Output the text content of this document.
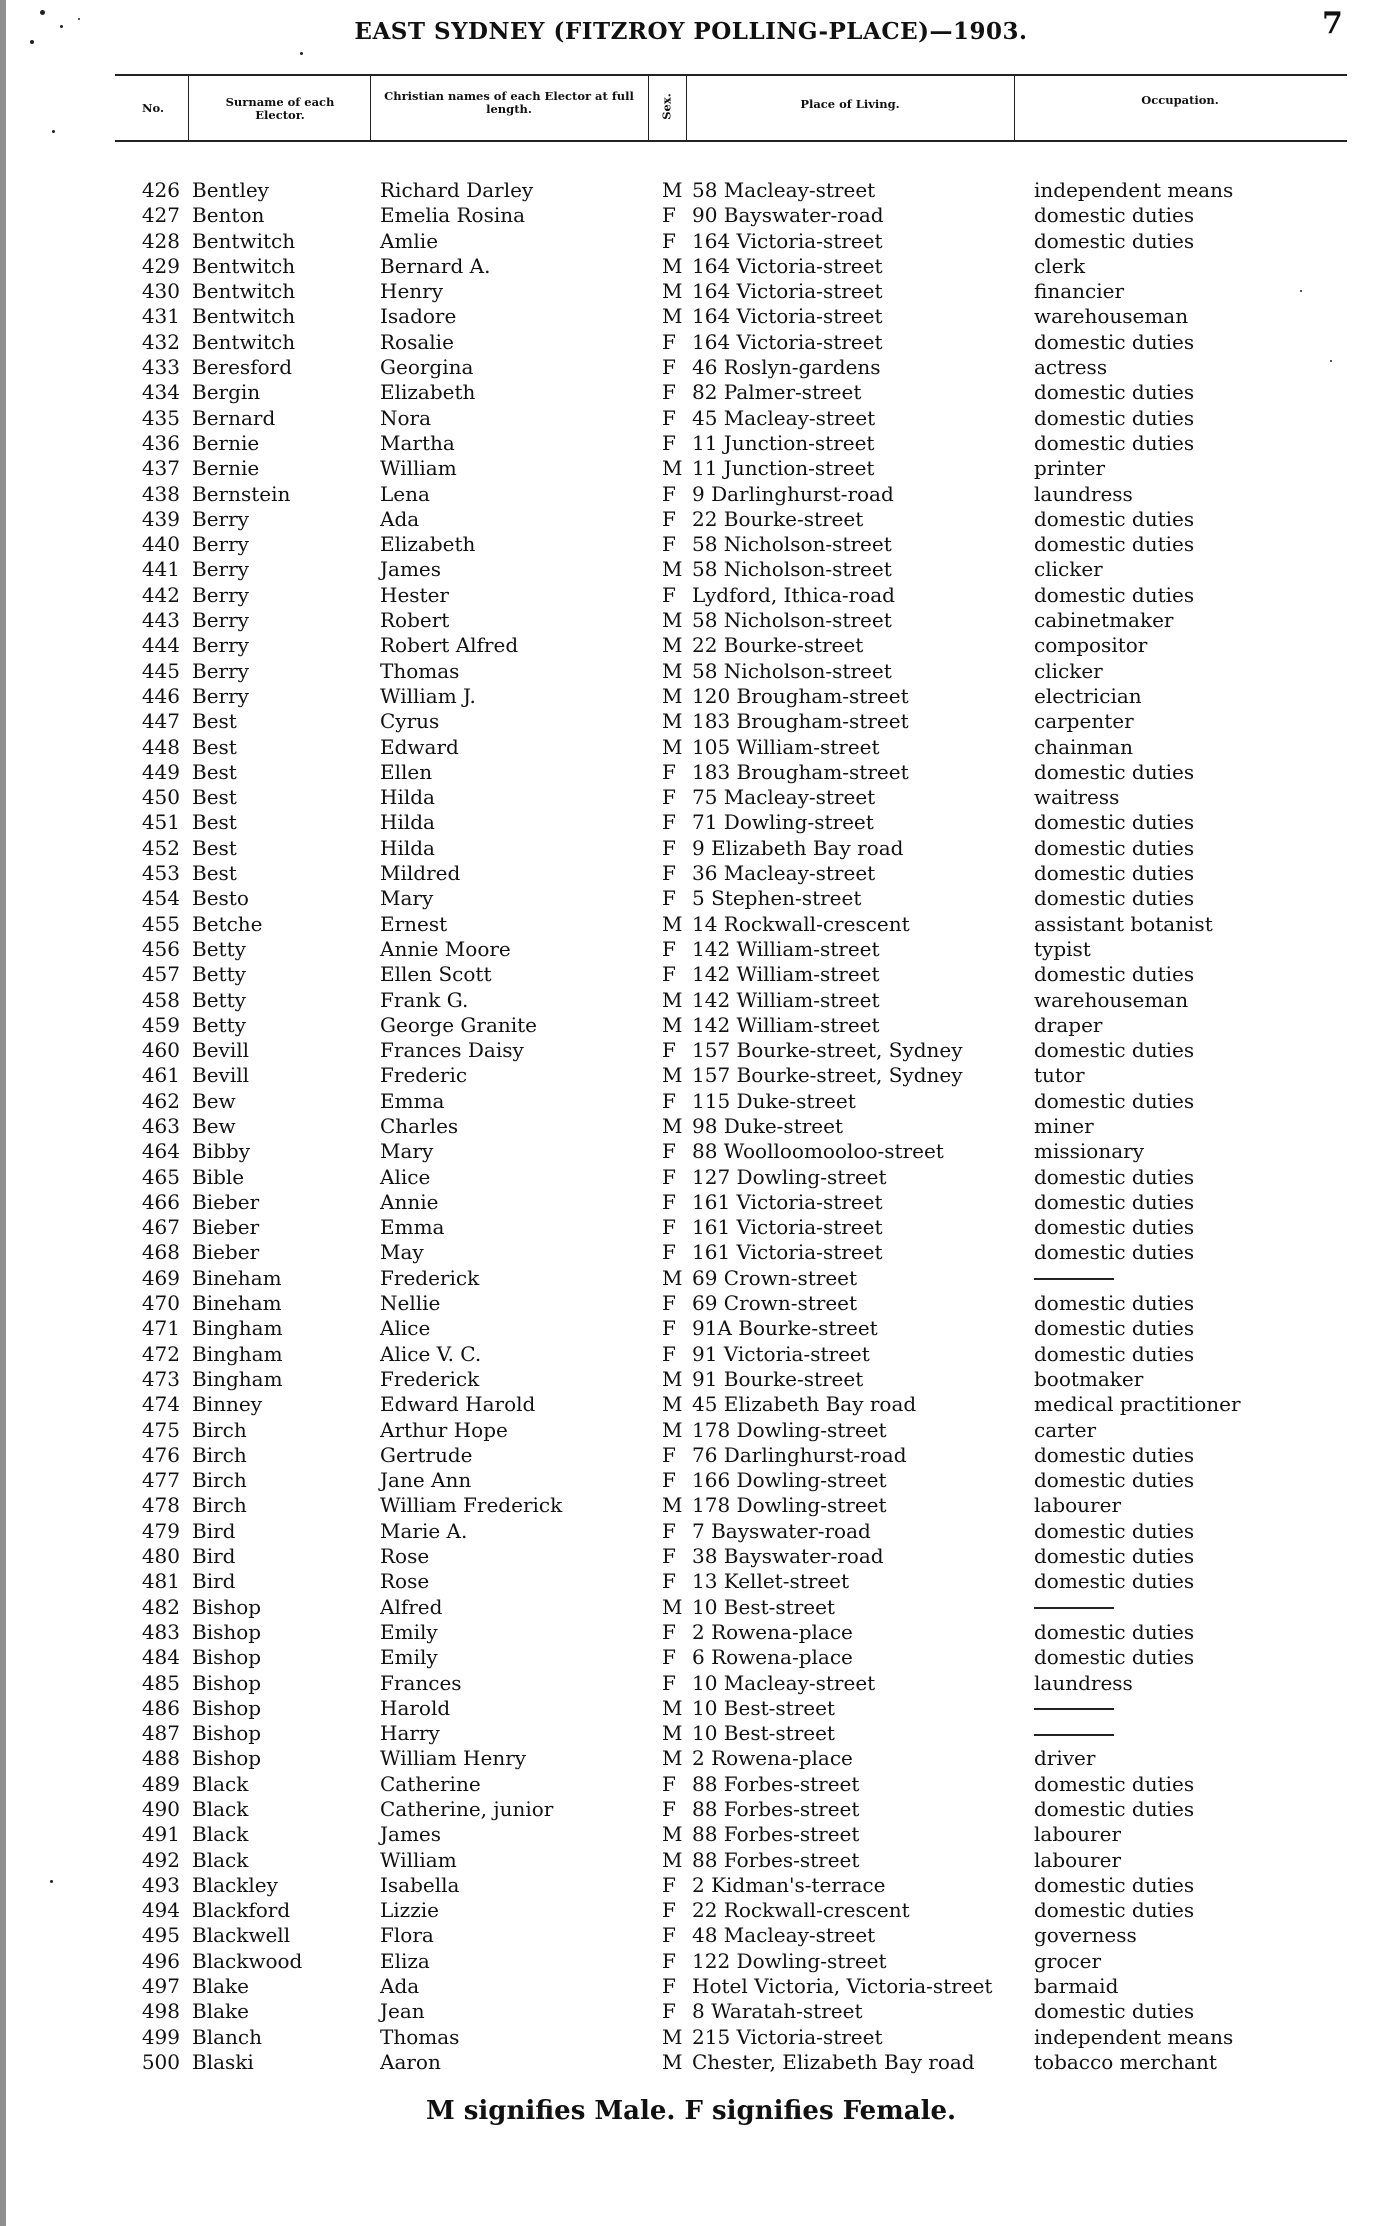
EAST SYDNEY (FITZROY POLLING-PLACE)—1903.	7
No.	Surname of each Elector.
Christian names of each Elector at full length.	Sex.	Place of Living.	Occupation.
426 Bentley	Richard Darley	M 58 Macleay-street	independent means
427 Benton	Emelia Rosina	F 90 Bayswater-road	domestic duties
428 Bentwitch	Amlie	F 164 Victoria-street	domestic duties
429 Bentwitch	Bernard A.	M 164 Victoria-street	clerk
430 Bentwitch	Henry	M 164 Victoria-street	financier
431 Bentwitch	Isadore	M 164 Victoria-street	warehouseman
432 Bentwitch	Rosalie	F 164 Victoria-street	domestic duties
433 Beresford	Georgina	F 46 Roslyn-gardens	actress
434 Bergin	Elizabeth	F 82 Palmer-street	domestic duties
435 Bernard	Nora	F 45 Macleay-street	domestic duties
436 Bernie	Martha	F 11 Junction-street	domestic duties
437 Bernie	William	M 11 Junction-street	printer
438 Bernstein	Lena	F 9 Darlinghurst-road	laundress
439 Berry	Ada	F 22 Bourke-street	domestic duties
440 Berry	Elizabeth	F 58 Nicholson-street	domestic duties
441 Berry	James	M 58 Nicholson-street	clicker
442 Berry	Hester	F Lydford, Ithica-road	domestic duties
443 Berry	Robert	M 58 Nicholson-street	cabinetmaker
444 Berry	Robert Alfred	M 22 Bourke-street	compositor
445 Berry	Thomas	M 58 Nicholson-street	clicker
446 Berry	William J.	M 120 Brougham-street	electrician
447 Best	Cyrus	M 183 Brougham-street	carpenter
448 Best	Edward	M 105 William-street	chainman
449 Best	Ellen	F 183 Brougham-street	domestic duties
450 Best	Hilda	F 75 Macleay-street	waitress
451 Best	Hilda	F 71 Dowling-street	domestic duties
452 Best	Hilda	F 9 Elizabeth Bay road	domestic duties
453 Best	Mildred	F 36 Macleay-street	domestic duties
454 Besto	Mary	F 5 Stephen-street	domestic duties
455 Betche	Ernest	M 14 Rockwall-crescent	assistant botanist
456 Betty	Annie Moore	F 142 William-street	typist
457 Betty	Ellen Scott	F 142 William-street	domestic duties
458 Betty	Frank G.	M 142 William-street	warehouseman
459 Betty	George Granite	M 142 William-street	draper
460 Bevill	Frances Daisy	F 157 Bourke-street, Sydney	domestic duties
461 Bevill	Frederic	M 157 Bourke-street, Sydney	tutor
462 Bew	Emma	F 115 Duke-street	domestic duties
463 Bew	Charles	M 98 Duke-street	miner
464 Bibby	Mary	F 88 Woolloomooloo-street	missionary
465 Bible	Alice	F 127 Dowling-street	domestic duties
466 Bieber	Annie	F 161 Victoria-street	domestic duties
467 Bieber	Emma	F 161 Victoria-street	domestic duties
468 Bieber	May	F 161 Victoria-street	domestic duties
469 Bineham	Frederick	M 69 Crown-street
470 Bineham	Nellie	F 69 Crown-street	domestic duties
471 Bingham	Alice	F 91A Bourke-street	domestic duties
472 Bingham	Alice V. C.	F 91 Victoria-street	domestic duties
473 Bingham	Frederick	M 91 Bourke-street	bootmaker
474 Binney	Edward Harold	M 45 Elizabeth Bay road	medical practitioner
475 Birch	Arthur Hope	M 178 Dowling-street	carter
476 Birch	Gertrude	F 76 Darlinghurst-road	domestic duties
477 Birch	Jane Ann	F 166 Dowling-street	domestic duties
478 Birch	William Frederick	M 178 Dowling-street	labourer
479 Bird	Marie A.	F 7 Bayswater-road	domestic duties
480 Bird	Rose	F 38 Bayswater-road	domestic duties
481 Bird	Rose	F 13 Kellet-street	domestic duties
482 Bishop	Alfred	M 10 Best-street
483 Bishop	Emily	F 2 Rowena-place	domestic duties
484 Bishop	Emily	F 6 Rowena-place	domestic duties
485 Bishop	Frances	F 10 Macleay-street	laundress
486 Bishop	Harold	M 10 Best-street
487 Bishop	Harry	M 10 Best-street
488 Bishop	William Henry	M 2 Rowena-place	driver
489 Black	Catherine	F 88 Forbes-street	domestic duties
490 Black	Catherine, junior	F 88 Forbes-street	domestic duties
491 Black	James	M 88 Forbes-street	labourer
492 Black	William	M 88 Forbes-street	labourer
493 Blackley	Isabella	F 2 Kidman's-terrace	domestic duties
494 Blackford	Lizzie	F 22 Rockwall-crescent	domestic duties
495 Blackwell	Flora	F 48 Macleay-street	governess
496 Blackwood	Eliza	F 122 Dowling-street	grocer
497 Blake	Ada	F Hotel Victoria, Victoria-street barmaid
498 Blake	Jean	F 8 Waratah-street	domestic duties
499 Blanch	Thomas	M 215 Victoria-street	independent means
500 Blaski	Aaron	M Chester, Elizabeth Bay road	tobacco merchant
M signifies Male. F signifies Female.
